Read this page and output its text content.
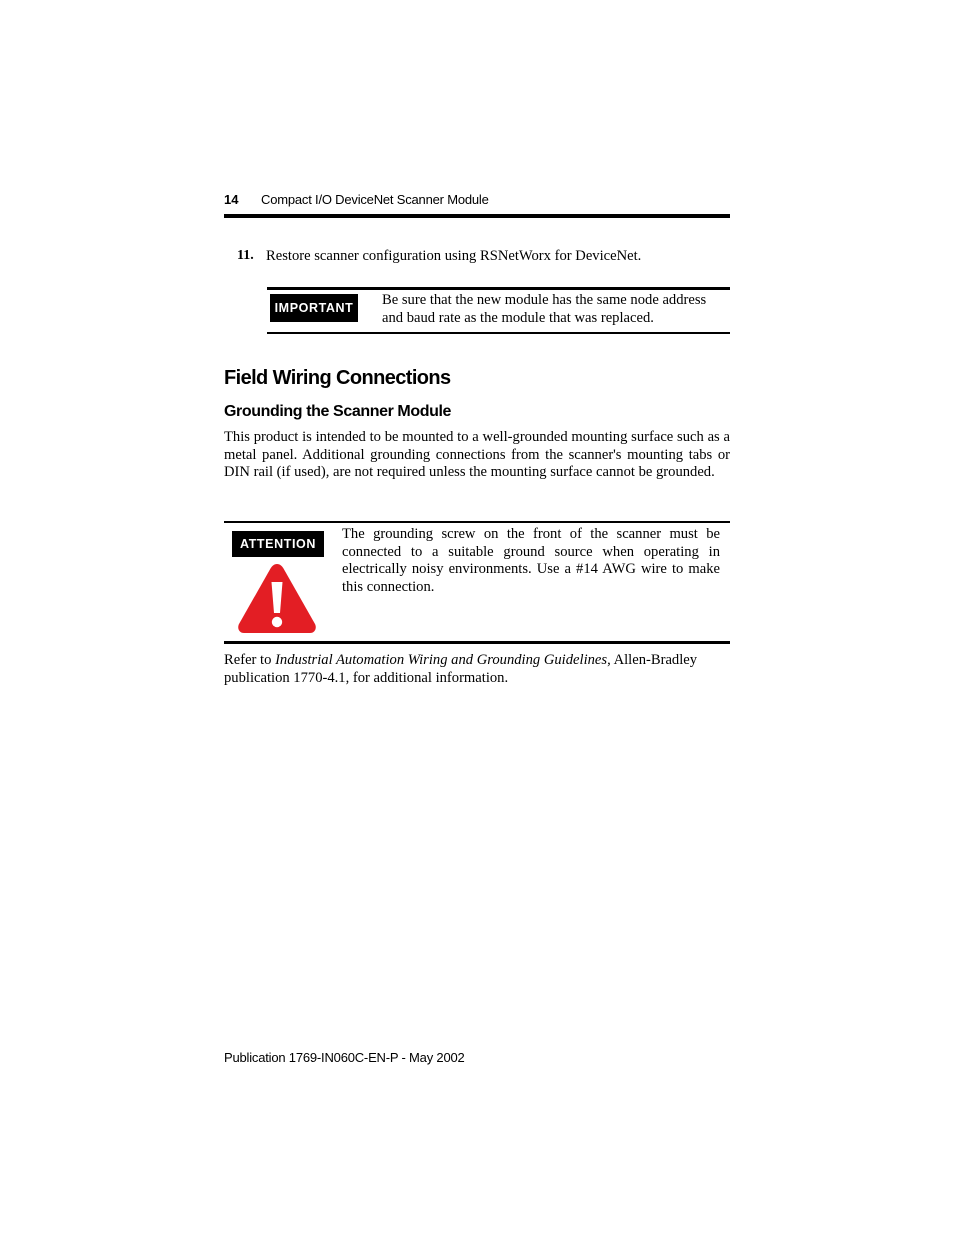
14 Compact I/O DeviceNet Scanner Module
11. Restore scanner configuration using RSNetWorx for DeviceNet.
IMPORTANT	Be sure that the new module has the same node address and baud rate as the module that was replaced.
Field Wiring Connections
Grounding the Scanner Module
This product is intended to be mounted to a well-grounded mounting surface such as a metal panel. Additional grounding connections from the scanner's mounting tabs or DIN rail (if used), are not required unless the mounting surface cannot be grounded.
ATTENTION
The grounding screw on the front of the scanner must be connected to a suitable ground source when operating in electrically noisy environments. Use a #14 AWG wire to make this connection.
Refer to Industrial Automation Wiring and Grounding Guidelines, Allen-Bradley publication 1770-4.1, for additional information.
Publication 1769-IN060C-EN-P - May 2002
